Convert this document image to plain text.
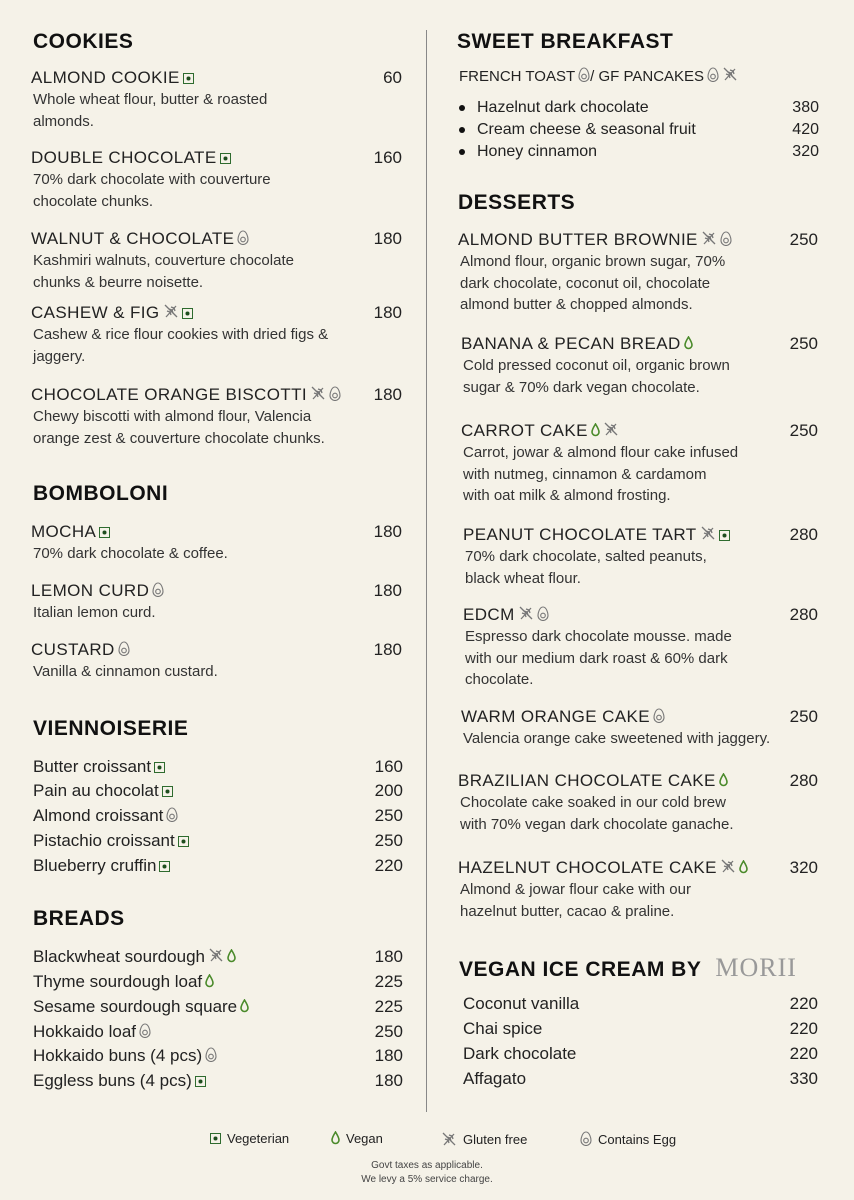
COOKIES
ALMOND COOKIE	60
Whole wheat flour, butter & roasted
almonds.
DOUBLE CHOCOLATE	160
70% dark chocolate with couverture
chocolate chunks.
WALNUT & CHOCOLATE	180
Kashmiri walnuts, couverture chocolate
chunks & beurre noisette.
CASHEW & FIG	180
Cashew & rice flour cookies with dried figs &
jaggery.
CHOCOLATE ORANGE BISCOTTI	180
Chewy biscotti with almond flour, Valencia
orange zest & couverture chocolate chunks.
BOMBOLONI
MOCHA	180
70% dark chocolate & coffee.
LEMON CURD	180
Italian lemon curd.
CUSTARD	180
Vanilla & cinnamon custard.
VIENNOISERIE
Butter croissant	160
Pain au chocolat	200
Almond croissant	250
Pistachio croissant	250
Blueberry cruffin	220
BREADS
Blackwheat sourdough	180
Thyme sourdough loaf	225
Sesame sourdough square	225
Hokkaido loaf	250
Hokkaido buns (4 pcs)	180
Eggless buns (4 pcs)	180
SWEET BREAKFAST
FRENCH TOAST / GF PANCAKES
Hazelnut dark chocolate	380
Cream cheese & seasonal fruit	420
Honey cinnamon	320
DESSERTS
ALMOND BUTTER BROWNIE	250
Almond flour, organic brown sugar, 70%
dark chocolate, coconut oil, chocolate
almond butter & chopped almonds.
BANANA & PECAN BREAD	250
Cold pressed coconut oil, organic brown
sugar & 70% dark vegan chocolate.
CARROT CAKE	250
Carrot, jowar & almond flour cake infused
with nutmeg, cinnamon & cardamom
with oat milk & almond frosting.
PEANUT CHOCOLATE TART	280
70% dark chocolate, salted peanuts,
black wheat flour.
EDCM	280
Espresso dark chocolate mousse. made
with our medium dark roast & 60% dark
chocolate.
WARM ORANGE CAKE	250
Valencia orange cake sweetened with jaggery.
BRAZILIAN CHOCOLATE CAKE	280
Chocolate cake soaked in our cold brew
with 70% vegan dark chocolate ganache.
HAZELNUT CHOCOLATE CAKE	320
Almond & jowar flour cake with our
hazelnut butter, cacao & praline.
VEGAN ICE CREAM BY MORII
Coconut vanilla	220
Chai spice	220
Dark chocolate	220
Affagato	330
Vegeterian	Vegan	Gluten free	Contains Egg
Govt taxes as applicable.
We levy a 5% service charge.
